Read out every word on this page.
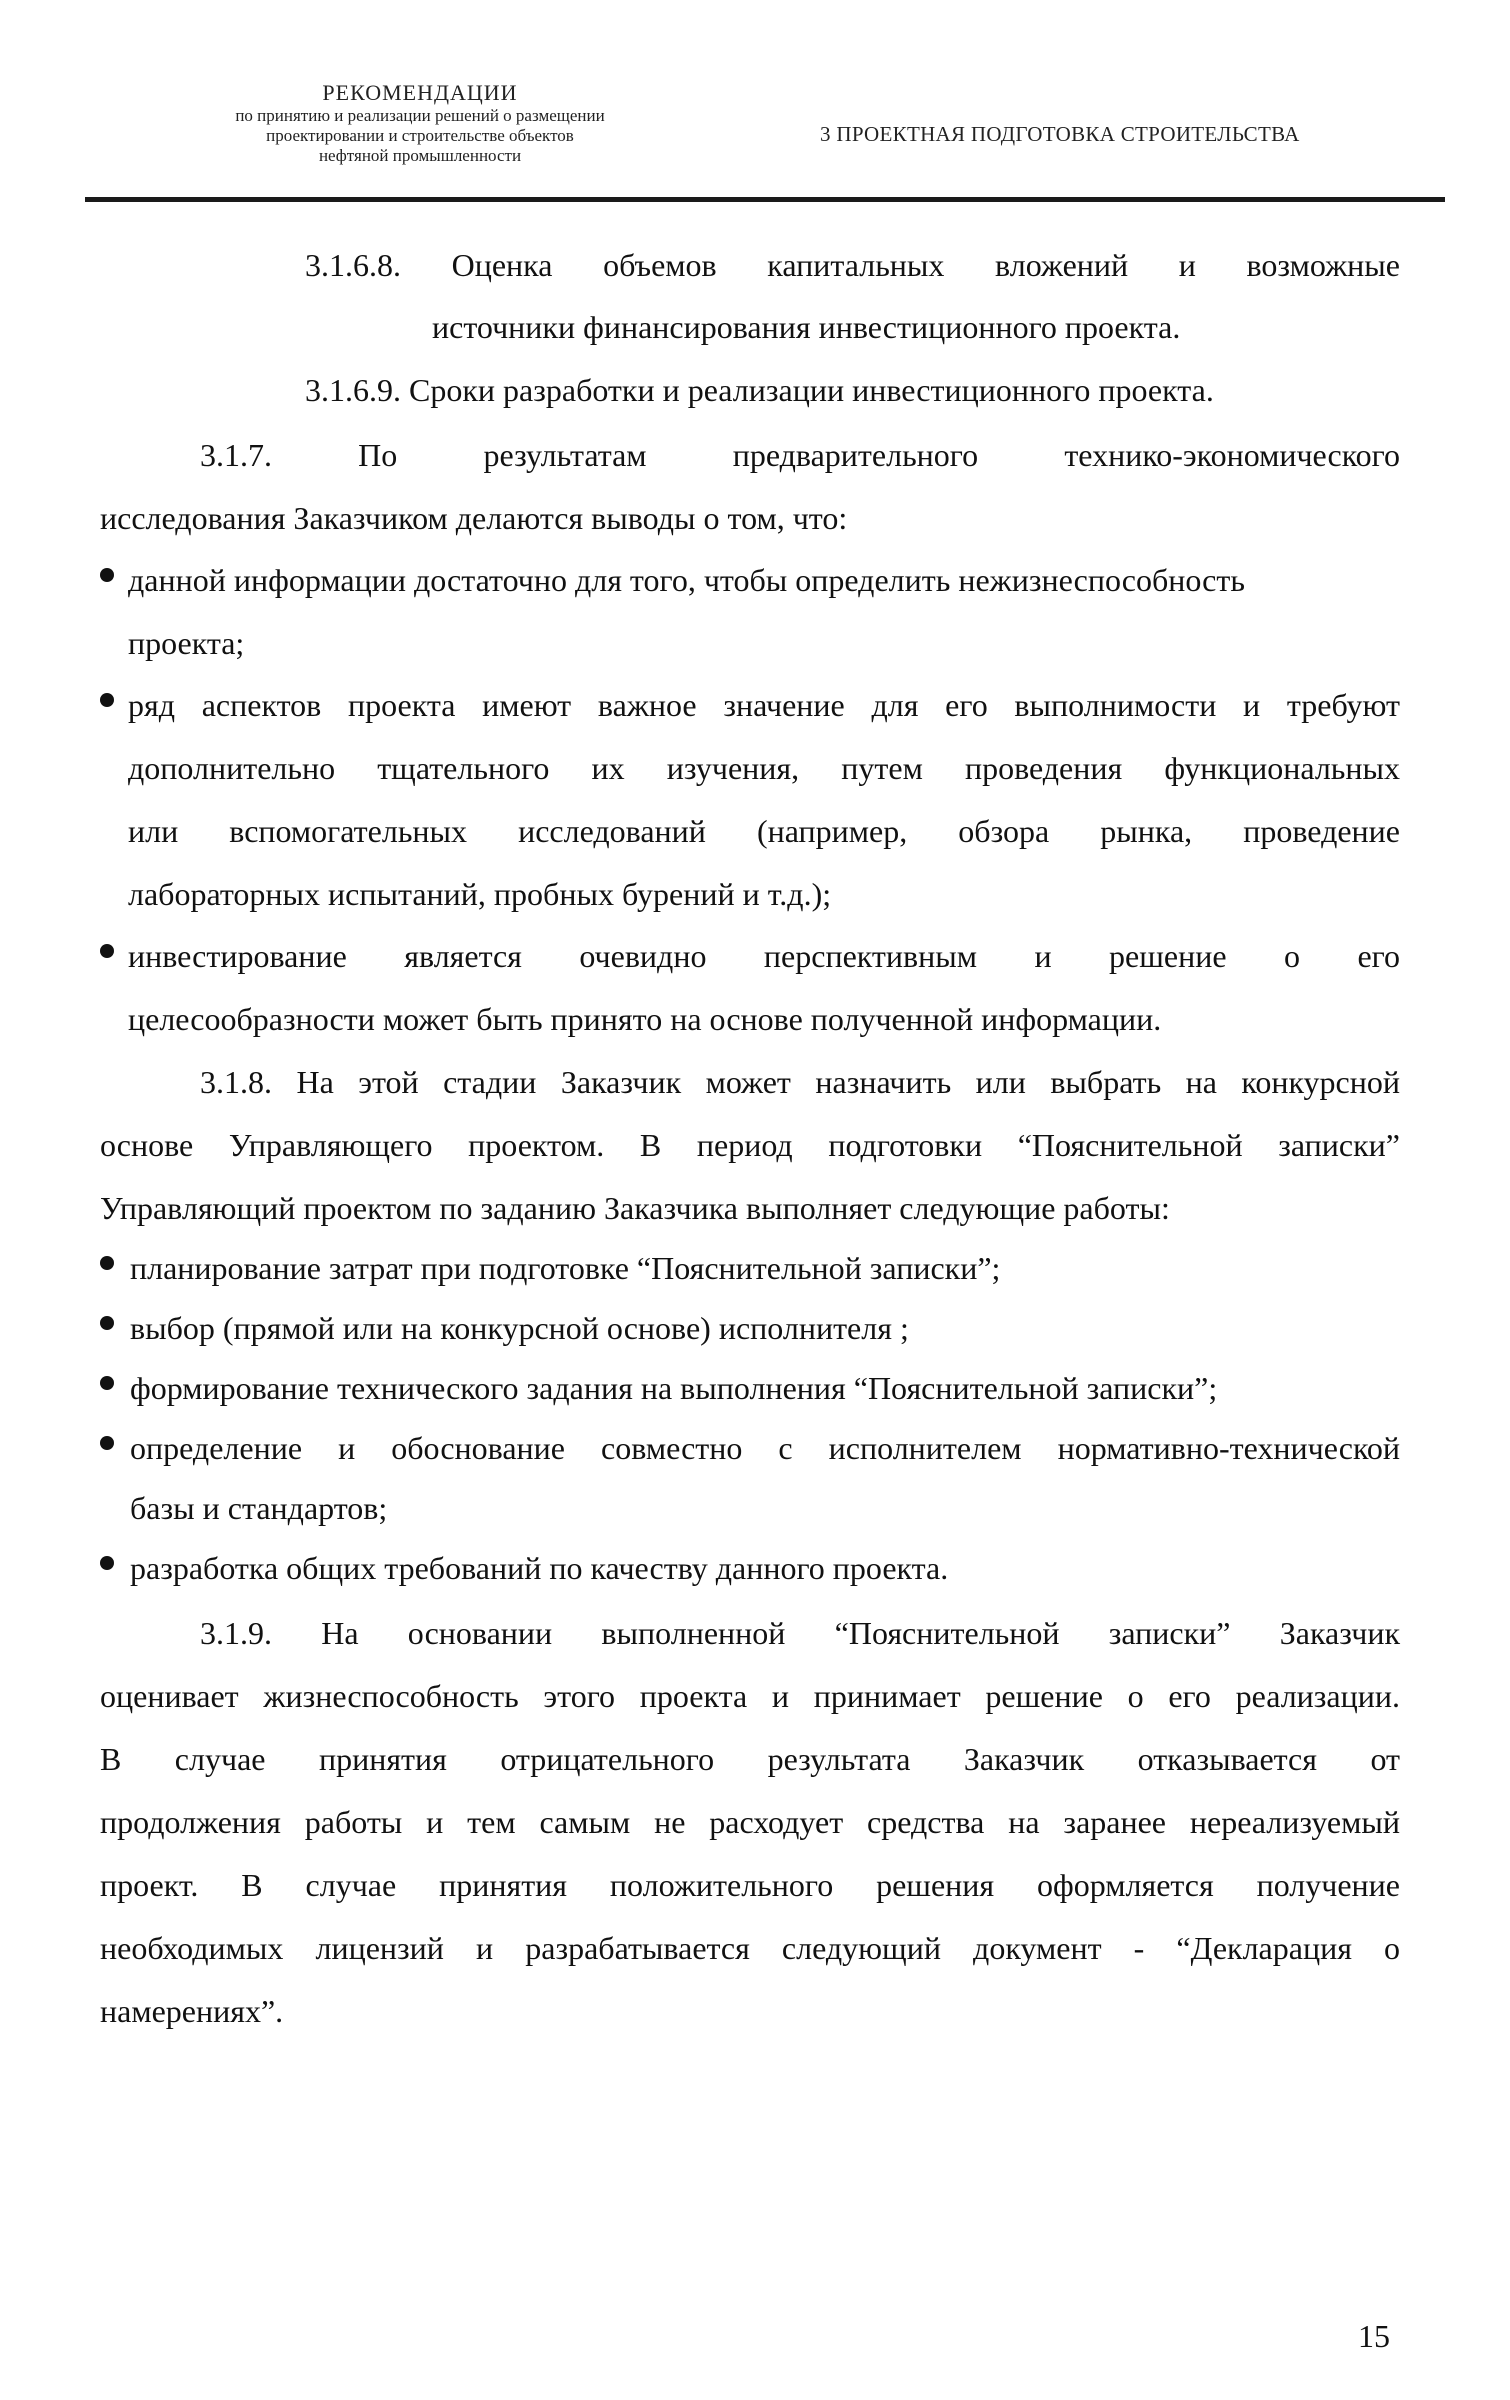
РЕКОМЕНДАЦИИ
по принятию и реализации решений о размещении
проектировании и строительстве объектов
нефтяной промышленности
3 ПРОЕКТНАЯ ПОДГОТОВКА СТРОИТЕЛЬСТВА
3.1.6.8. Оценка объемов капитальных вложений и возможные
источники финансирования инвестиционного проекта.
3.1.6.9. Сроки разработки и реализации инвестиционного проекта.
3.1.7. По результатам предварительного технико-экономического
исследования Заказчиком делаются выводы о том, что:
данной информации достаточно для того, чтобы определить нежизнеспособность
проекта;
ряд аспектов проекта имеют важное значение для его выполнимости и требуют
дополнительно тщательного их изучения, путем проведения функциональных
или вспомогательных исследований (например, обзора рынка, проведение
лабораторных испытаний, пробных бурений и т.д.);
инвестирование является очевидно перспективным и решение о его
целесообразности может быть принято на основе полученной информации.
3.1.8. На этой стадии Заказчик может назначить или выбрать на конкурсной
основе Управляющего проектом. В период подготовки “Пояснительной записки”
Управляющий проектом по заданию Заказчика выполняет следующие работы:
планирование затрат при подготовке “Пояснительной записки”;
выбор (прямой или на конкурсной основе) исполнителя ;
формирование технического задания на выполнения “Пояснительной записки”;
определение и обоснование совместно с исполнителем нормативно-технической
базы и стандартов;
разработка общих требований по качеству данного проекта.
3.1.9. На основании выполненной “Пояснительной записки” Заказчик
оценивает жизнеспособность этого проекта и принимает решение о его реализации.
В случае принятия отрицательного результата Заказчик отказывается от
продолжения работы и тем самым не расходует средства на заранее нереализуемый
проект. В случае принятия положительного решения оформляется получение
необходимых лицензий и разрабатывается следующий документ - “Декларация о
намерениях”.
15
